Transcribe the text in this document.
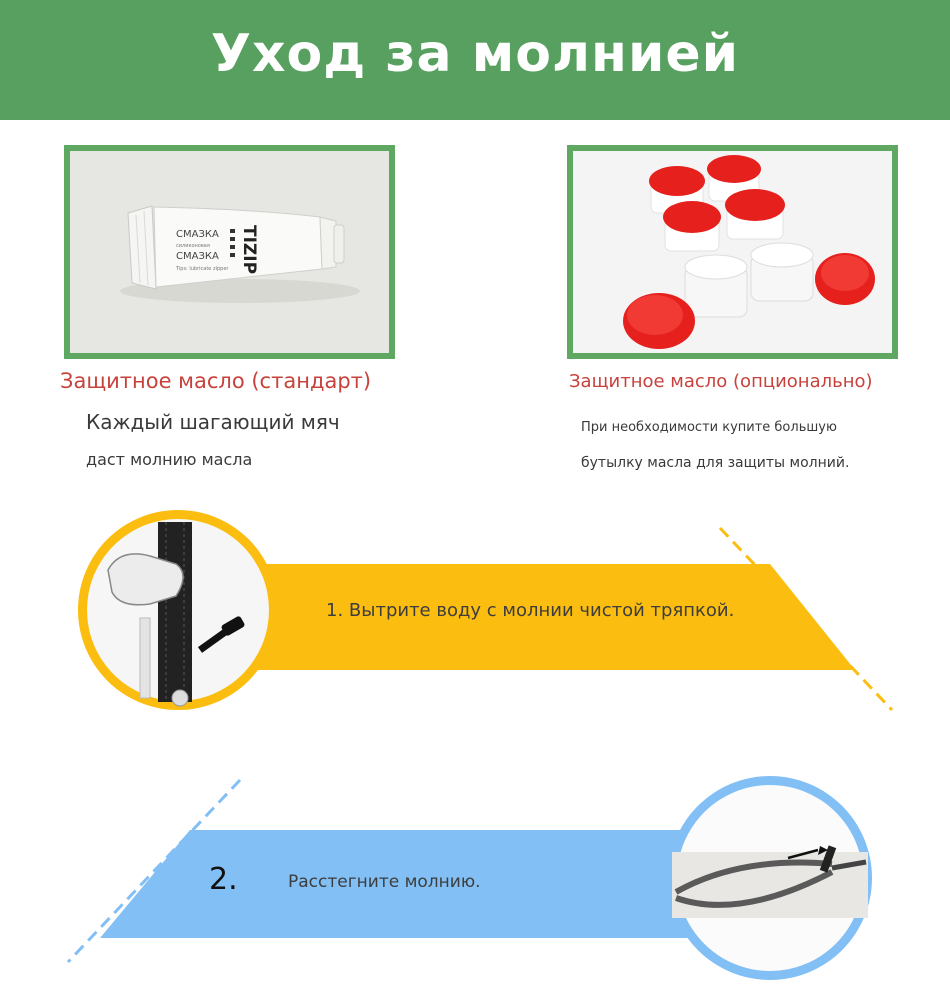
Уход за молнией
СМАЗКА
силиконовая
СМАЗКА
Tips: lubricate zipper TIZIP
Защитное масло (стандарт)	Защитное масло (опционально)
Каждый шагающий мяч
даст молнию масла
При необходимости купите большую
бутылку масла для защиты молний.
1. Вытрите воду с молнии чистой тряпкой.
2.	Расстегните молнию.
